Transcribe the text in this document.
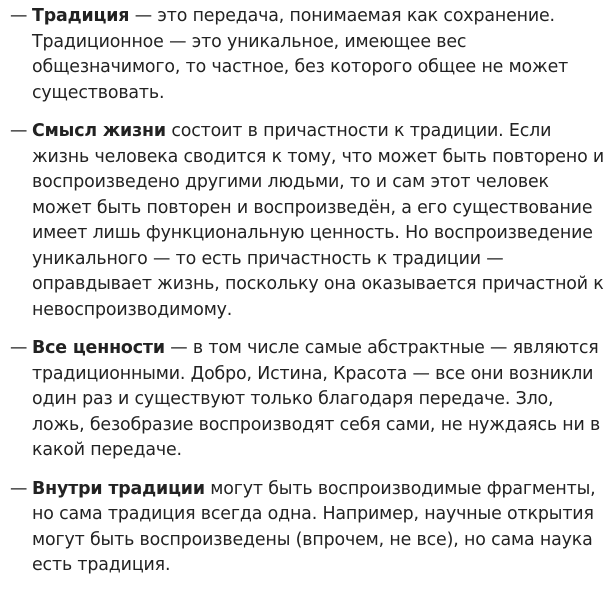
— Традиция — это передача, понимаемая как сохранение. Традиционное — это уникальное, имеющее вес общезначимого, то частное, без которого общее не может существовать.
— Смысл жизни состоит в причастности к традиции. Если жизнь человека сводится к тому, что может быть повторено и воспроизведено другими людьми, то и сам этот человек может быть повторен и воспроизведён, а его существование имеет лишь функциональную ценность. Но воспроизведение уникального — то есть причастность к традиции — оправдывает жизнь, поскольку она оказывается причастной к невоспроизводимому.
— Все ценности — в том числе самые абстрактные — являются традиционными. Добро, Истина, Красота — все они возникли один раз и существуют только благодаря передаче. Зло, ложь, безобразие воспроизводят себя сами, не нуждаясь ни в какой передаче.
— Внутри традиции могут быть воспроизводимые фрагменты, но сама традиция всегда одна. Например, научные открытия могут быть воспроизведены (впрочем, не все), но сама наука есть традиция.
